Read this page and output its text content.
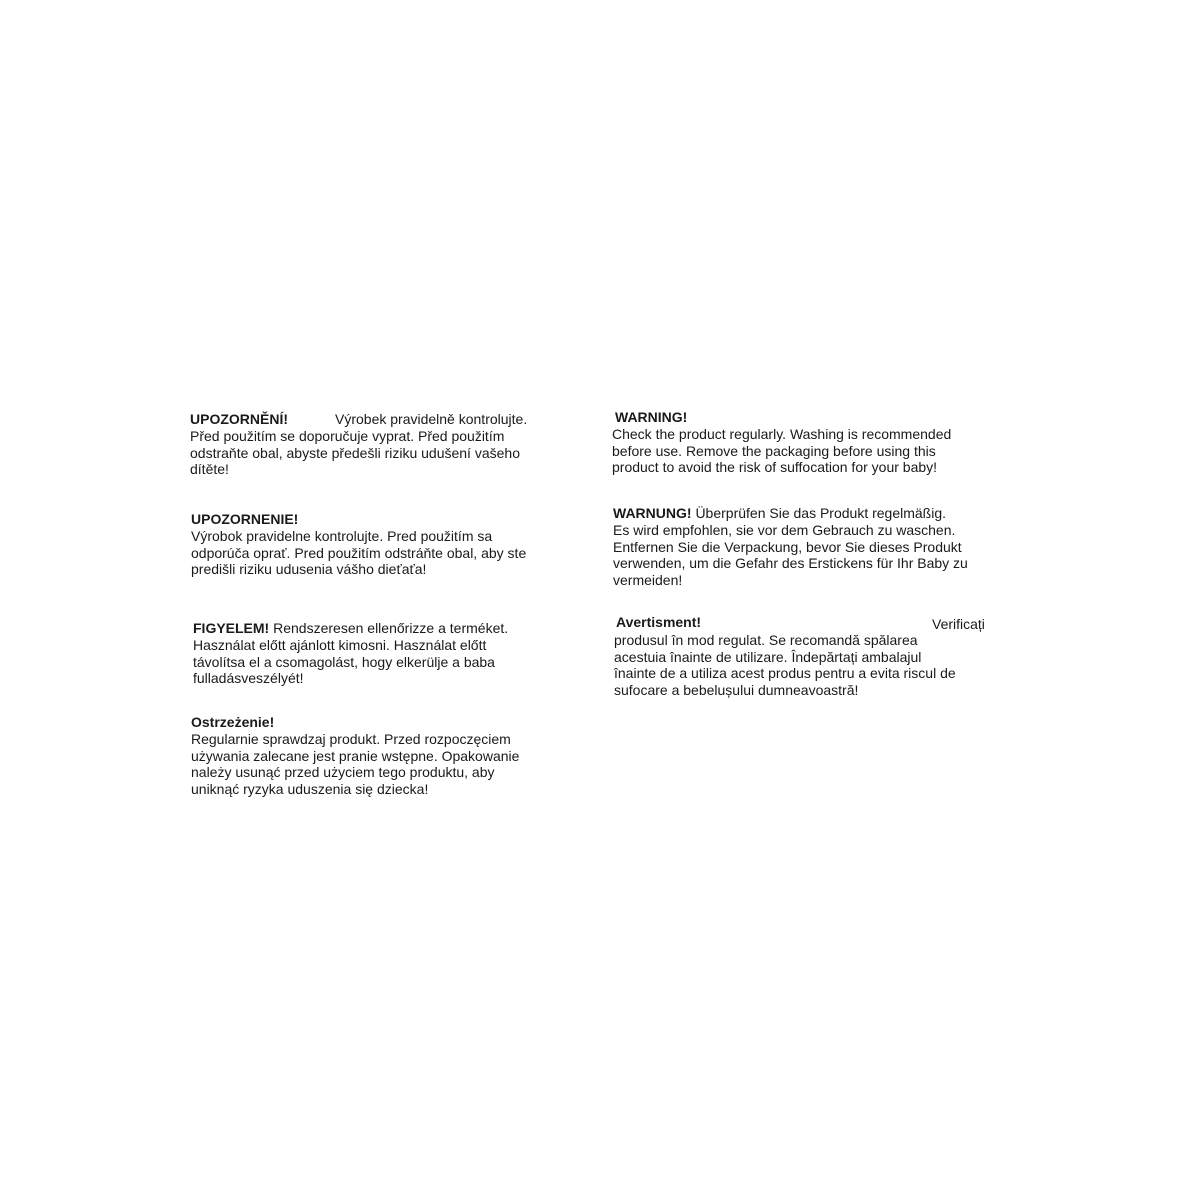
UPOZORNĚNÍ!	Výrobek pravidelně kontrolujte.
Před použitím se doporučuje vyprat. Před použitím
odstraňte obal, abyste předešli riziku udušení vašeho
dítěte!
UPOZORNENIE!
Výrobok pravidelne kontrolujte. Pred použitím sa
odporúča oprať. Pred použitím odstráňte obal, aby ste
predišli riziku udusenia vášho dieťaťa!
FIGYELEM! Rendszeresen ellenőrizze a terméket.
Használat előtt ajánlott kimosni. Használat előtt
távolítsa el a csomagolást, hogy elkerülje a baba
fulladásveszélyét!
Ostrzeżenie!
Regularnie sprawdzaj produkt. Przed rozpoczęciem
używania zalecane jest pranie wstępne. Opakowanie
należy usunąć przed użyciem tego produktu, aby
uniknąć ryzyka uduszenia się dziecka!
WARNING!
Check the product regularly. Washing is recommended
before use. Remove the packaging before using this
product to avoid the risk of suffocation for your baby!
WARNUNG! Überprüfen Sie das Produkt regelmäßig.
Es wird empfohlen, sie vor dem Gebrauch zu waschen.
Entfernen Sie die Verpackung, bevor Sie dieses Produkt
verwenden, um die Gefahr des Erstickens für Ihr Baby zu
vermeiden!
Avertisment!	Verificați
produsul în mod regulat. Se recomandă spălarea
acestuia înainte de utilizare. Îndepărtați ambalajul
înainte de a utiliza acest produs pentru a evita riscul de
sufocare a bebelușului dumneavoastră!
